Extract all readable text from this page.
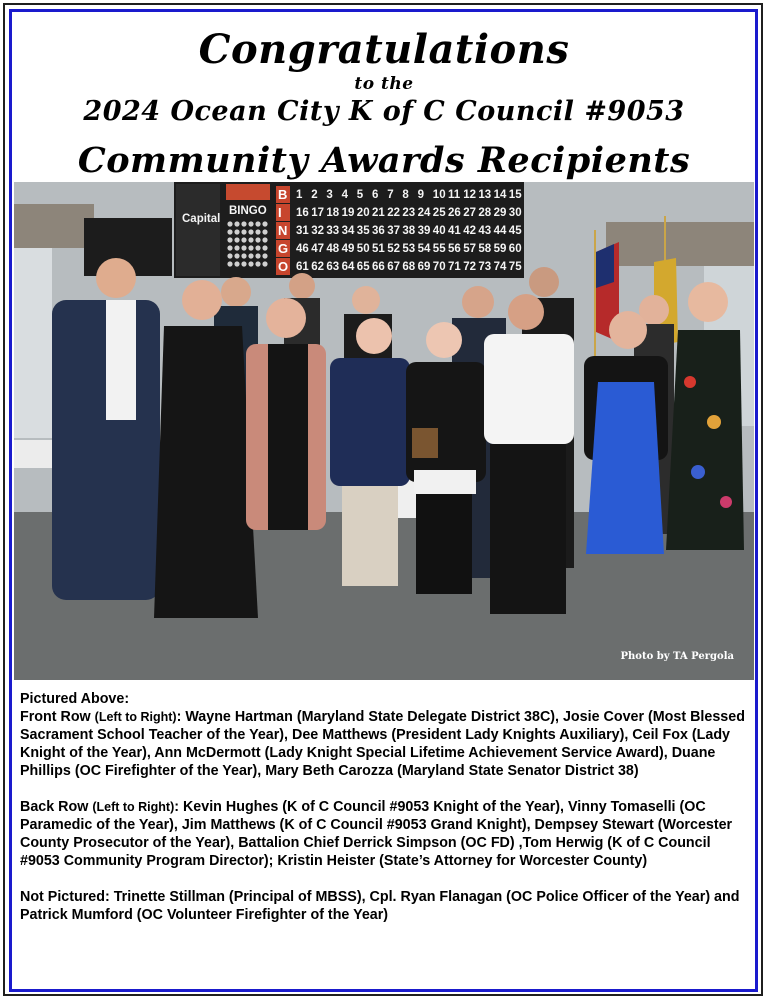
Congratulations
to the
2024 Ocean City K of C Council #9053
Community Awards Recipients
Capital
BINGO
B
I
N
G
O
1 2 3 4 5 6 7 8 9 10 11 12 13 14 15
16 17 18 19 20 21 22 23 24 25 26 27 28 29 30
31 32 33 34 35 36 37 38 39 40 41 42 43 44 45
46 47 48 49 50 51 52 53 54 55 56 57 58 59 60
61 62 63 64 65 66 67 68 69 70 71 72 73 74 75
Photo by TA Pergola

Pictured Above:
Front Row (Left to Right): Wayne Hartman (Maryland State Delegate District 38C), Josie Cover (Most Blessed Sacrament School Teacher of the Year), Dee Matthews (President Lady Knights Auxiliary), Ceil Fox (Lady Knight of the Year), Ann McDermott (Lady Knight Special Lifetime Achievement Service Award), Duane Phillips (OC Firefighter of the Year), Mary Beth Carozza (Maryland State Senator District 38)

Back Row (Left to Right): Kevin Hughes (K of C Council #9053 Knight of the Year), Vinny Tomaselli (OC Paramedic of the Year), Jim Matthews (K of C Council #9053 Grand Knight), Dempsey Stewart (Worcester County Prosecutor of the Year), Battalion Chief Derrick Simpson (OC FD) ,Tom Herwig (K of C Council #9053 Community Program Director); Kristin Heister (State’s Attorney for Worcester County)

Not Pictured: Trinette Stillman (Principal of MBSS), Cpl. Ryan Flanagan (OC Police Officer of the Year) and Patrick Mumford (OC Volunteer Firefighter of the Year)
